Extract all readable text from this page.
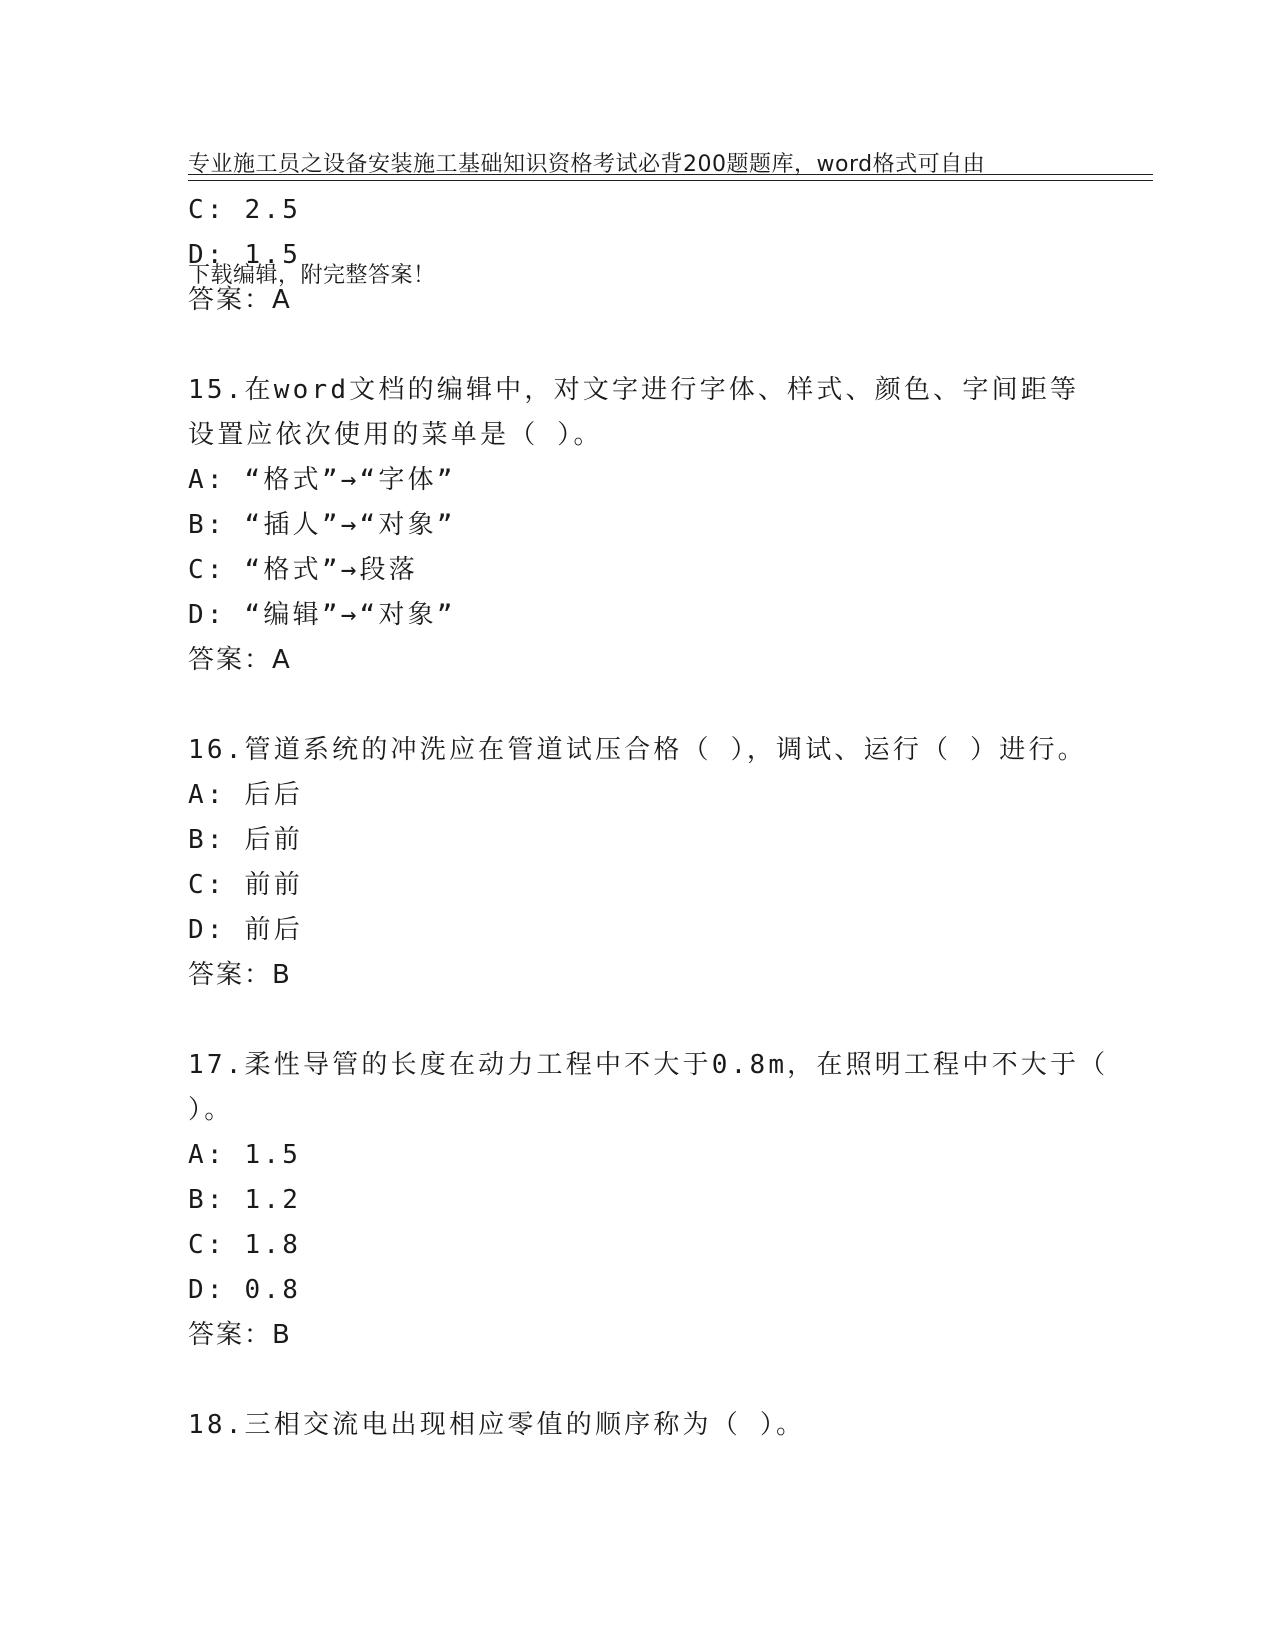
专业施工员之设备安装施工基础知识资格考试必背200题题库，word格式可自由

下载编辑，附完整答案！

C: 2.5
D: 1.5
答案：A
15.在word文档的编辑中，对文字进行字体、样式、颜色、字间距等
设置应依次使用的菜单是（ ）。
A: “格式”→“字体”
B: “插人”→“对象”
C: “格式”→段落
D: “编辑”→“对象”
答案：A
16.管道系统的冲洗应在管道试压合格（ ），调试、运行（ ）进行。
A: 后后
B: 后前
C: 前前
D: 前后
答案：B
17.柔性导管的长度在动力工程中不大于0.8m，在照明工程中不大于（
）。
A: 1.5
B: 1.2
C: 1.8
D: 0.8
答案：B
18.三相交流电出现相应零值的顺序称为（ ）。
